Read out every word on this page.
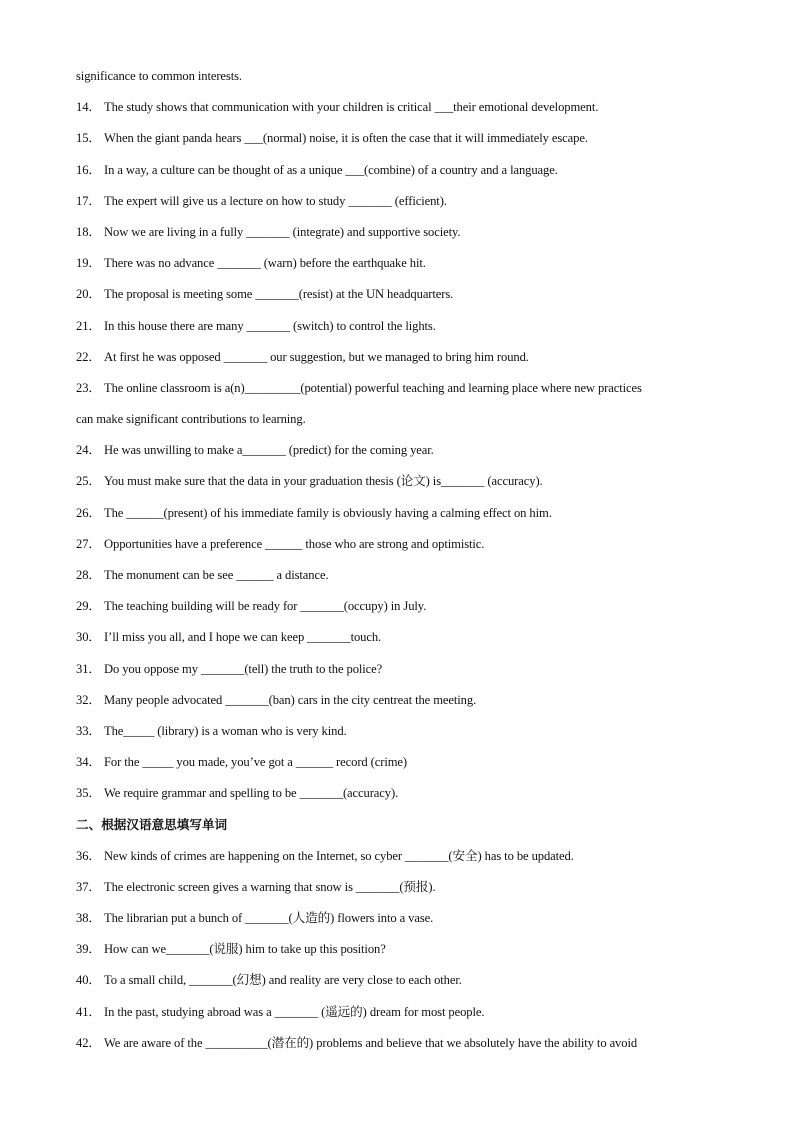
significance to common interests.
14． The study shows that communication with your children is critical ___their emotional development.
15． When the giant panda hears ___(normal) noise, it is often the case that it will immediately escape.
16． In a way, a culture can be thought of as a unique ___(combine) of a country and a language.
17． The expert will give us a lecture on how to study _______ (efficient).
18． Now we are living in a fully _______ (integrate) and supportive society.
19． There was no advance _______ (warn) before the earthquake hit.
20． The proposal is meeting some _______(resist) at the UN headquarters.
21． In this house there are many _______ (switch) to control the lights.
22． At first he was opposed _______ our suggestion, but we managed to bring him round.
23． The online classroom is a(n)_________(potential) powerful teaching and learning place where new practices
can make significant contributions to learning.
24． He was unwilling to make a_______ (predict) for the coming year.
25． You must make sure that the data in your graduation thesis (论文) is_______ (accuracy).
26． The ______(present) of his immediate family is obviously having a calming effect on him.
27． Opportunities have a preference ______ those who are strong and optimistic.
28． The monument can be see ______ a distance.
29． The teaching building will be ready for _______(occupy) in July.
30． I’ll miss you all, and I hope we can keep _______touch.
31． Do you oppose my _______(tell) the truth to the police?
32． Many people advocated _______(ban) cars in the city centreat the meeting.
33． The_____ (library) is a woman who is very kind.
34． For the _____ you made, you’ve got a ______ record (crime)
35． We require grammar and spelling to be _______(accuracy).
二、根据汉语意思填写单词
36． New kinds of crimes are happening on the Internet, so cyber _______(安全) has to be updated.
37． The electronic screen gives a warning that snow is _______(预报).
38． The librarian put a bunch of _______(人造的) flowers into a vase.
39． How can we_______(说服) him to take up this position?
40． To a small child, _______(幻想) and reality are very close to each other.
41． In the past, studying abroad was a _______ (遥远的) dream for most people.
42． We are aware of the __________(潜在的) problems and believe that we absolutely have the ability to avoid
